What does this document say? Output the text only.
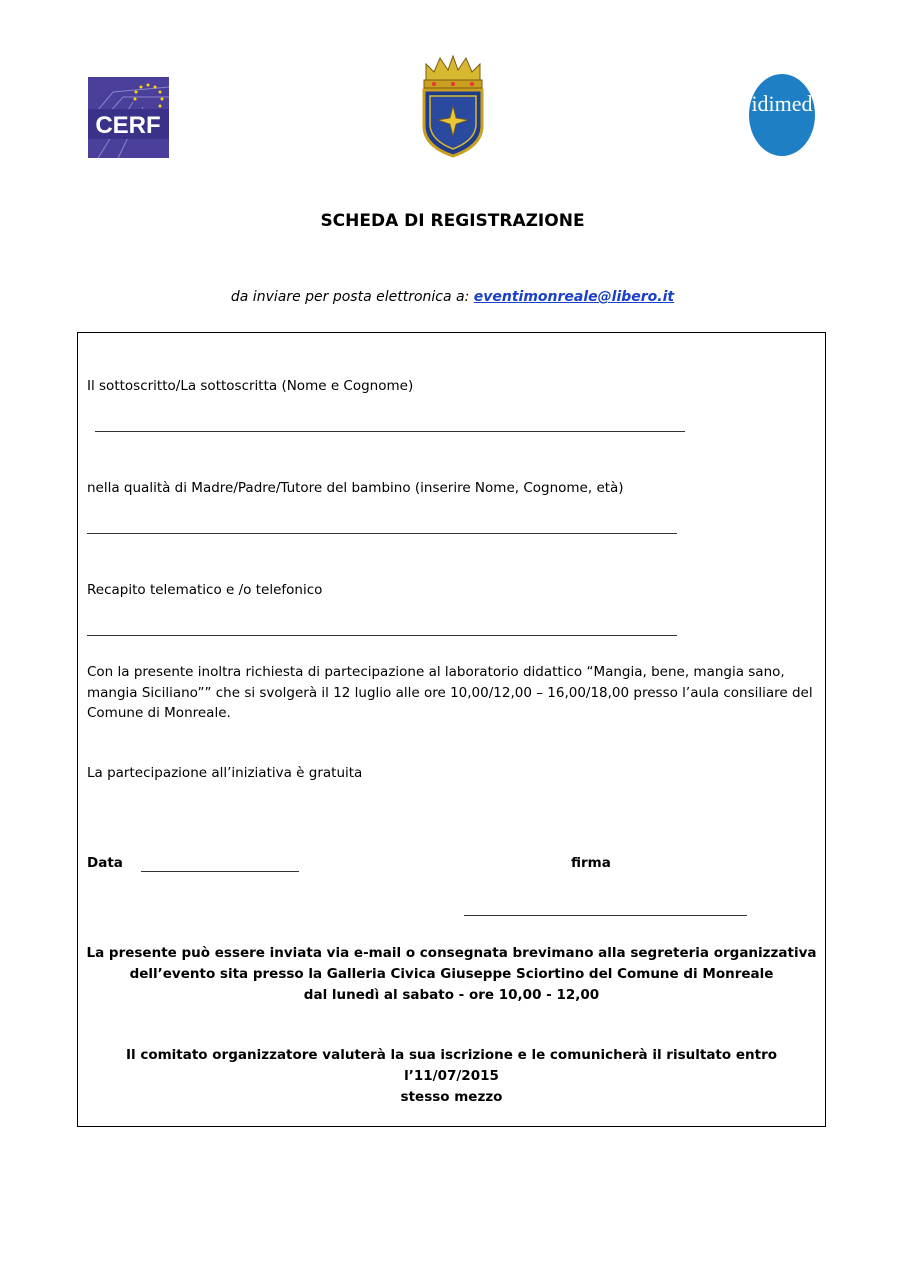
CERF
idimed
SCHEDA DI REGISTRAZIONE
da inviare per posta elettronica a: eventimonreale@libero.it
Il sottoscritto/La sottoscritta (Nome e Cognome)
nella qualità di Madre/Padre/Tutore del bambino (inserire Nome, Cognome, età)
Recapito telematico e /o telefonico
Con la presente inoltra richiesta di partecipazione al laboratorio didattico “Mangia, bene, mangia sano, mangia Siciliano”” che si svolgerà il 12 luglio alle ore 10,00/12,00 – 16,00/18,00 presso l’aula consiliare del Comune di Monreale.
La partecipazione all’iniziativa è gratuita
Data	firma
La presente può essere inviata via e-mail o consegnata brevimano alla segreteria organizzativa
dell’evento sita presso la Galleria Civica Giuseppe Sciortino del Comune di Monreale
dal lunedì al sabato - ore 10,00 - 12,00
Il comitato organizzatore valuterà la sua iscrizione e le comunicherà il risultato entro l’11/07/2015
stesso mezzo
